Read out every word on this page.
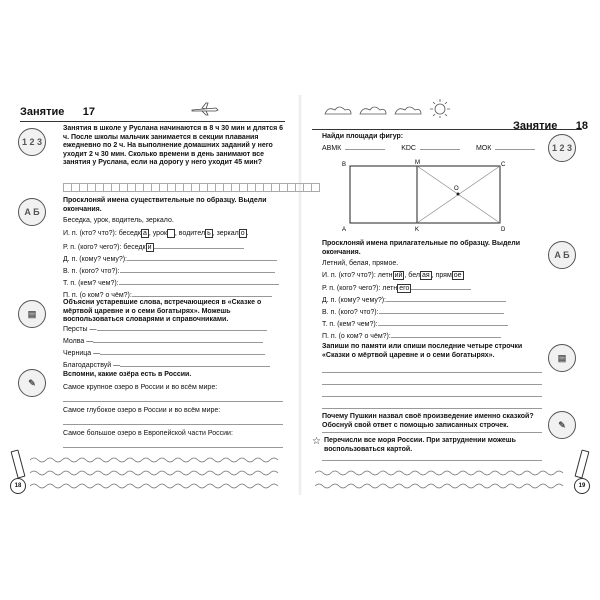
Занятие 17
1 2 3
Занятия в школе у Руслана начинаются в 8 ч 30 мин и длятся 6 ч. После школы мальчик занимается в секции плавания ежедневно по 2 ч. На выполнение домашних заданий у него уходит 2 ч 30 мин. Сколько времени в день занимают все занятия у Руслана, если на дорогу у него уходит 45 мин?
A Б
Просклоняй имена существительные по образцу. Выдели окончания.
Беседка, урок, водитель, зеркало.
И. п. (кто? что?): беседк а , урок , водител ь , зеркал о .
Р. п. (кого? чего?): беседк и
Д. п. (кому? чему?):
В. п. (кого? что?):
Т. п. (кем? чем?):
П. п. (о ком? о чём?):
▤
Объясни устаревшие слова, встречающиеся в «Сказке о мёртвой царевне и о семи богатырях». Можешь воспользоваться словарями и справочниками.
Персты —
Молва —
Черница —
Благодарствуй —
✎
Вспомни, какие озёра есть в России.
Самое крупное озеро в России и во всём мире:
Самое глубокое озеро в России и во всём мире:
Самое большое озеро в Европейской части России:
18
Занятие 18
1 2 3
Найди площади фигур:
АВМК	KDC	МОК
B	M	C
A	K	D
O
A Б
Просклоняй имена прилагательные по образцу. Выдели окончания.
Летний, белая, прямое.
И. п. (кто? что?): летн ий , бел ая , прям ое
Р. п. (кого? чего?): летн его
Д. п. (кому? чему?):
В. п. (кого? что?):
Т. п. (кем? чем?):
П. п. (о ком? о чём?):
▤
Запиши по памяти или спиши последние четыре строчки «Сказки о мёртвой царевне и о семи богатырях».
✎
Почему Пушкин назвал своё произведение именно сказкой? Обоснуй свой ответ с помощью записанных строчек.
☆ Перечисли все моря России. При затруднении можешь воспользоваться картой.
19
